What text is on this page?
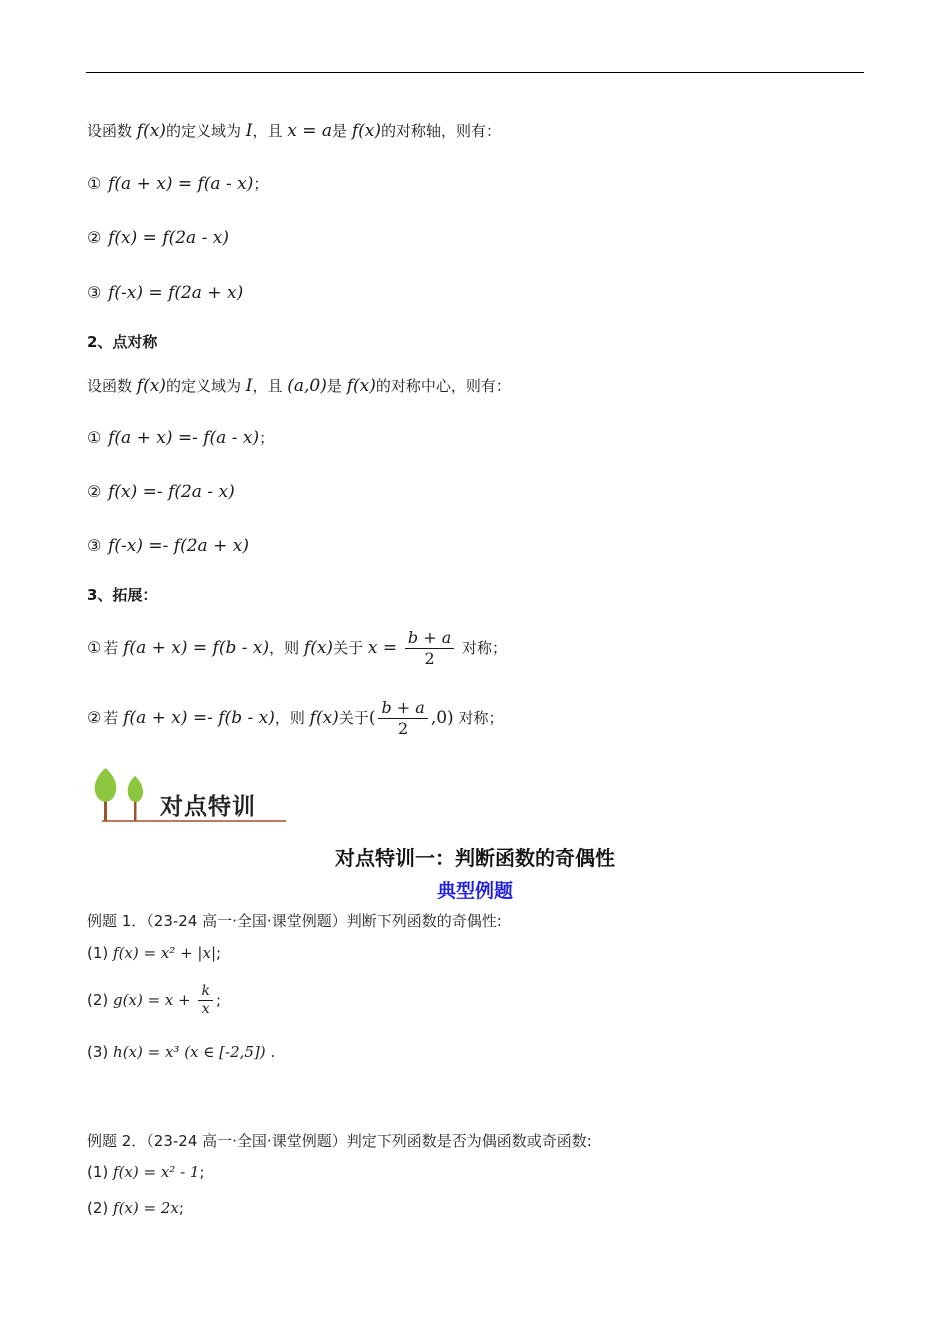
设函数 f(x)的定义域为 I，且 x = a是 f(x)的对称轴，则有：
① f(a + x) = f(a - x)；
② f(x) = f(2a - x)
③ f(-x) = f(2a + x)
2、点对称
设函数 f(x)的定义域为 I，且 (a,0)是 f(x)的对称中心，则有：
① f(a + x) =- f(a - x)；
② f(x) =- f(2a - x)
③ f(-x) =- f(2a + x)
3、拓展：
① 若 f(a + x) = f(b - x)，则 f(x)关于 $x = \frac{b + a}{2}$ 对称；
② 若 f(a + x) =- f(b - x)，则 f(x)关于( $\frac{b + a}{2} ,0$) 对称；
对点特训
对点特训一：判断函数的奇偶性
典型例题
例题 1．（23-24 高一·全国·课堂例题）判断下列函数的奇偶性:
(1) f(x) = x² + |x|;
(2) $g(x) = x + \frac{k}{x}$ ;
(3) h(x) = x³ (x ∈ [-2,5]) .
例题 2．（23-24 高一·全国·课堂例题）判定下列函数是否为偶函数或奇函数:
(1) f(x) = x² - 1;
(2) f(x) = 2x;
